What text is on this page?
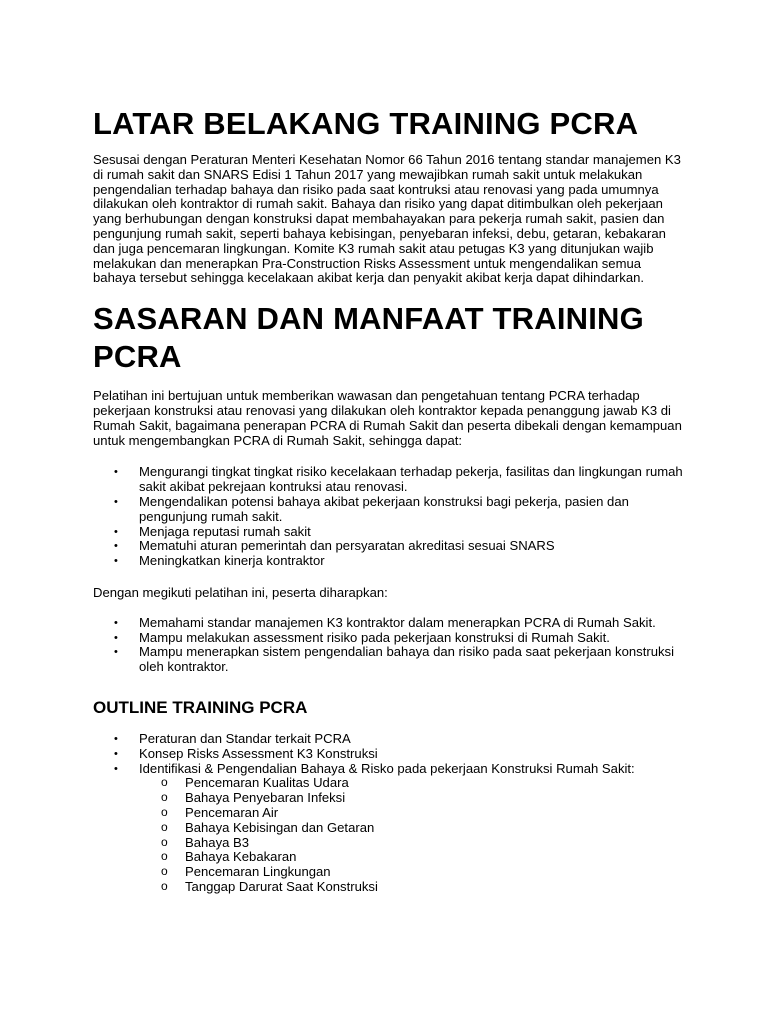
LATAR BELAKANG TRAINING PCRA

Sesusai dengan Peraturan Menteri Kesehatan Nomor 66 Tahun 2016 tentang standar manajemen K3 di rumah sakit dan SNARS Edisi 1 Tahun 2017 yang mewajibkan rumah sakit untuk melakukan pengendalian terhadap bahaya dan risiko pada saat kontruksi atau renovasi yang pada umumnya dilakukan oleh kontraktor di rumah sakit. Bahaya dan risiko yang dapat ditimbulkan oleh pekerjaan yang berhubungan dengan konstruksi dapat membahayakan para pekerja rumah sakit, pasien dan pengunjung rumah sakit, seperti bahaya kebisingan, penyebaran infeksi, debu, getaran, kebakaran dan juga pencemaran lingkungan. Komite K3 rumah sakit atau petugas K3 yang ditunjukan wajib melakukan dan menerapkan Pra-Construction Risks Assessment untuk mengendalikan semua bahaya tersebut sehingga kecelakaan akibat kerja dan penyakit akibat kerja dapat dihindarkan.

SASARAN DAN MANFAAT TRAINING PCRA

Pelatihan ini bertujuan untuk memberikan wawasan dan pengetahuan tentang PCRA terhadap pekerjaan konstruksi atau renovasi yang dilakukan oleh kontraktor kepada penanggung jawab K3 di Rumah Sakit, bagaimana penerapan PCRA di Rumah Sakit dan peserta dibekali dengan kemampuan untuk mengembangkan PCRA di Rumah Sakit, sehingga dapat:

• Mengurangi tingkat tingkat risiko kecelakaan terhadap pekerja, fasilitas dan lingkungan rumah sakit akibat pekrejaan kontruksi atau renovasi.
• Mengendalikan potensi bahaya akibat pekerjaan konstruksi bagi pekerja, pasien dan pengunjung rumah sakit.
• Menjaga reputasi rumah sakit
• Mematuhi aturan pemerintah dan persyaratan akreditasi sesuai SNARS
• Meningkatkan kinerja kontraktor

Dengan megikuti pelatihan ini, peserta diharapkan:

• Memahami standar manajemen K3 kontraktor dalam menerapkan PCRA di Rumah Sakit.
• Mampu melakukan assessment risiko pada pekerjaan konstruksi di Rumah Sakit.
• Mampu menerapkan sistem pengendalian bahaya dan risiko pada saat pekerjaan konstruksi oleh kontraktor.
OUTLINE TRAINING PCRA
• Peraturan dan Standar terkait PCRA
• Konsep Risks Assessment K3 Konstruksi
• Identifikasi & Pengendalian Bahaya & Risko pada pekerjaan Konstruksi Rumah Sakit:
o Pencemaran Kualitas Udara
o Bahaya Penyebaran Infeksi
o Pencemaran Air
o Bahaya Kebisingan dan Getaran
o Bahaya B3
o Bahaya Kebakaran
o Pencemaran Lingkungan
o Tanggap Darurat Saat Konstruksi
